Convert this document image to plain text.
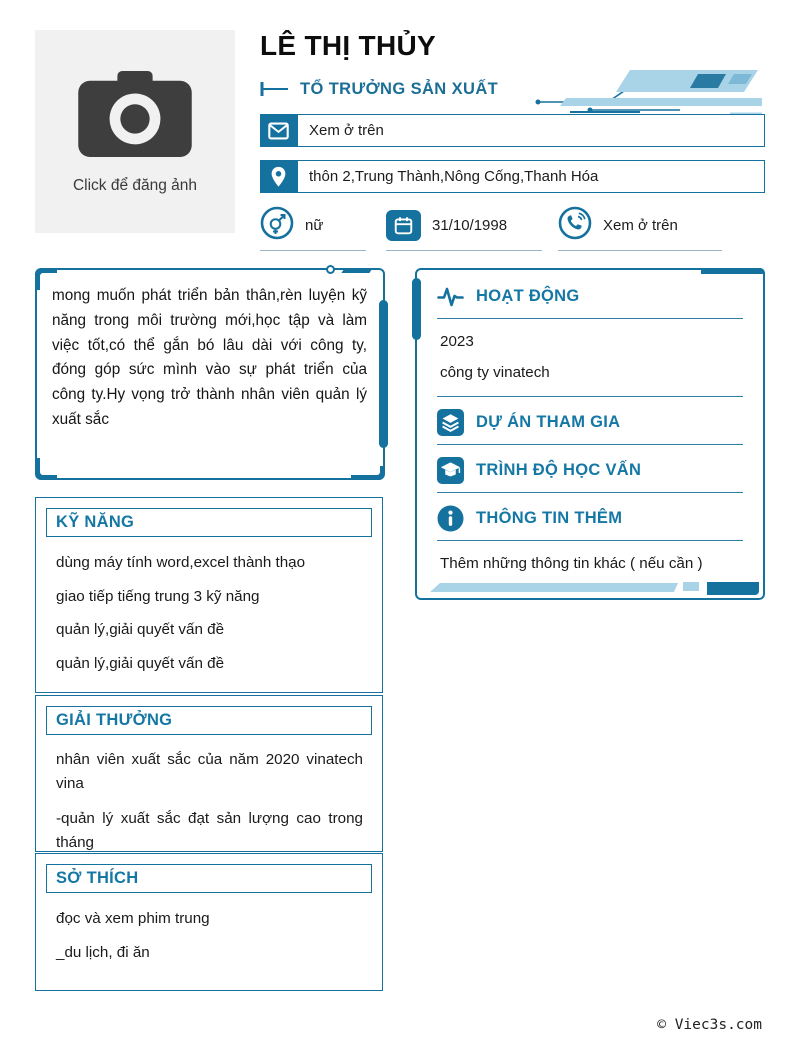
Click để đăng ảnh
LÊ THỊ THỦY
TỔ TRƯỞNG SẢN XUẤT
Xem ở trên
thôn 2,Trung Thành,Nông Cống,Thanh Hóa
nữ	31/10/1998	Xem ở trên
mong muốn phát triển bản thân,rèn luyện kỹ năng trong môi trường mới,học tập và làm việc tốt,có thể gắn bó lâu dài với công ty, đóng góp sức mình vào sự phát triển của công ty.Hy vọng trở thành nhân viên quản lý xuất sắc
KỸ NĂNG
dùng máy tính word,excel thành thạo
giao tiếp tiếng trung 3 kỹ năng
quản lý,giải quyết vấn đề
quản lý,giải quyết vấn đề
GIẢI THƯỞNG
nhân viên xuất sắc của năm 2020 vinatech vina
-quản lý xuất sắc đạt sản lượng cao trong tháng
SỞ THÍCH
đọc và xem phim trung
_du lịch, đi ăn
HOẠT ĐỘNG
2023
công ty vinatech
DỰ ÁN THAM GIA
TRÌNH ĐỘ HỌC VẤN
THÔNG TIN THÊM
Thêm những thông tin khác ( nếu cần )
© Viec3s.com
